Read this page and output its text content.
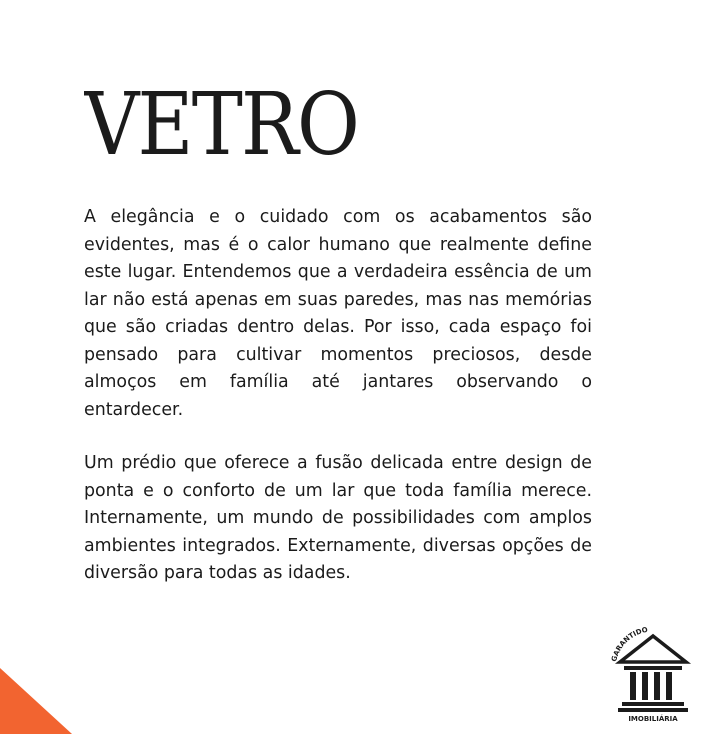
VETRO

A elegância e o cuidado com os acabamentos são evidentes, mas é o calor humano que realmente define este lugar. Entendemos que a verdadeira essência de um lar não está apenas em suas paredes, mas nas memórias que são criadas dentro delas. Por isso, cada espaço foi pensado para cultivar momentos preciosos, desde almoços em família até jantares observando o entardecer.

Um prédio que oferece a fusão delicada entre design de ponta e o conforto de um lar que toda família merece. Internamente, um mundo de possibilidades com amplos ambientes integrados. Externamente, diversas opções de diversão para todas as idades.

GARANTIDO
IMOBILIÁRIA
